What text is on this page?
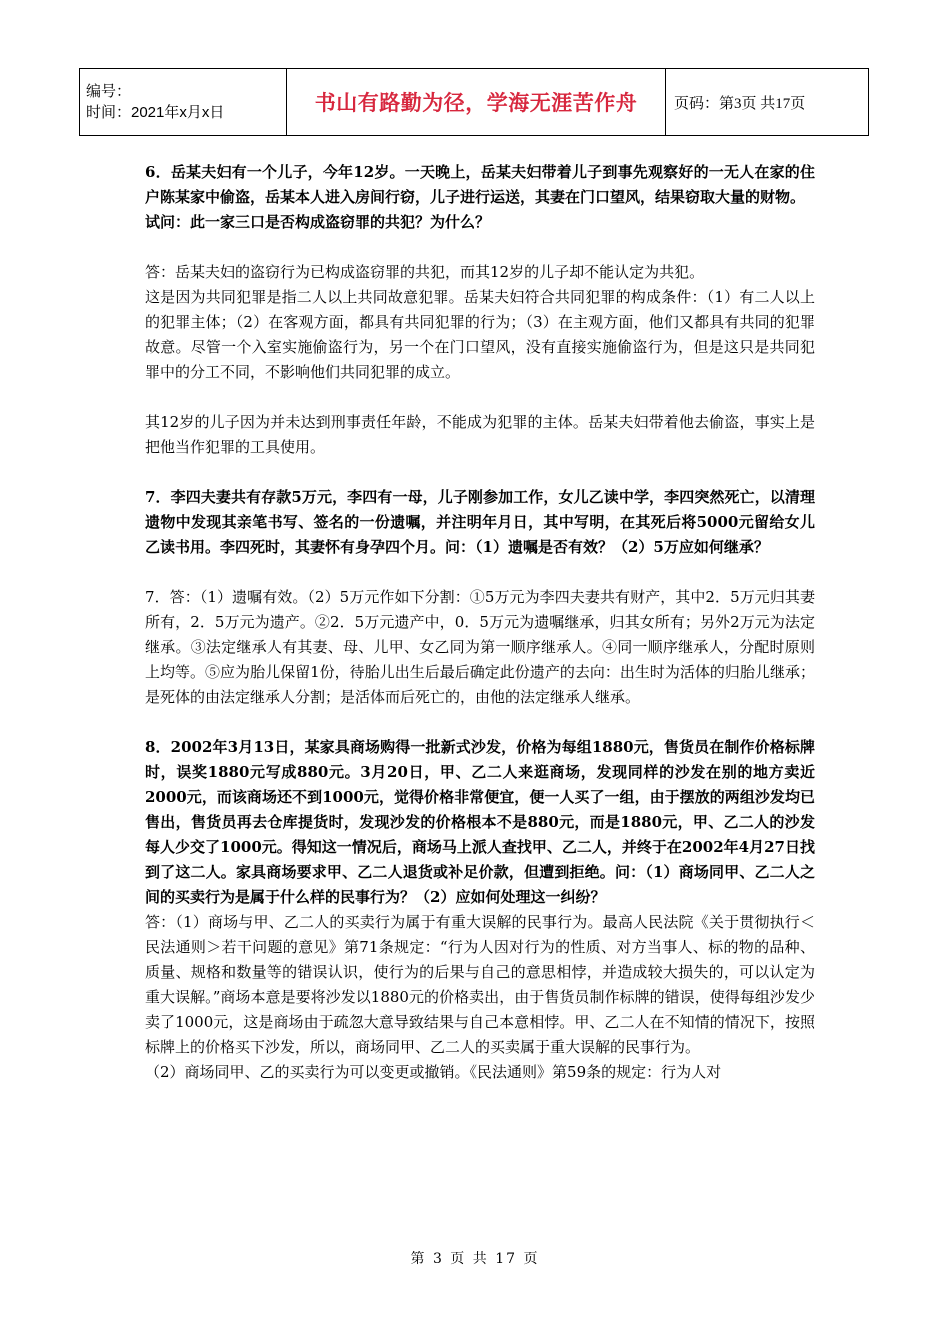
编号：
时间：2021年x月x日	书山有路勤为径，学海无涯苦作舟	页码：第3页 共17页

6．岳某夫妇有一个儿子，今年12岁。一天晚上，岳某夫妇带着儿子到事先观察好的一无人在家的住户陈某家中偷盗，岳某本人进入房间行窃，儿子进行运送，其妻在门口望风，结果窃取大量的财物。

试问：此一家三口是否构成盗窃罪的共犯？为什么？

答：岳某夫妇的盗窃行为已构成盗窃罪的共犯，而其12岁的儿子却不能认定为共犯。

这是因为共同犯罪是指二人以上共同故意犯罪。岳某夫妇符合共同犯罪的构成条件：（1）有二人以上的犯罪主体；（2）在客观方面，都具有共同犯罪的行为；（3）在主观方面，他们又都具有共同的犯罪故意。尽管一个入室实施偷盗行为，另一个在门口望风，没有直接实施偷盗行为，但是这只是共同犯罪中的分工不同，不影响他们共同犯罪的成立。

其12岁的儿子因为并未达到刑事责任年龄，不能成为犯罪的主体。岳某夫妇带着他去偷盗，事实上是把他当作犯罪的工具使用。

7．李四夫妻共有存款5万元，李四有一母，儿子刚参加工作，女儿乙读中学，李四突然死亡，以清理遗物中发现其亲笔书写、签名的一份遗嘱，并注明年月日，其中写明，在其死后将5000元留给女儿乙读书用。李四死时，其妻怀有身孕四个月。问：（1）遗嘱是否有效？（2）5万应如何继承？

7．答：（1）遗嘱有效。（2）5万元作如下分割：①5万元为李四夫妻共有财产，其中2．5万元归其妻所有，2．5万元为遗产。②2．5万元遗产中，0．5万元为遗嘱继承，归其女所有；另外2万元为法定继承。③法定继承人有其妻、母、儿甲、女乙同为第一顺序继承人。④同一顺序继承人，分配时原则上均等。⑤应为胎儿保留1份，待胎儿出生后最后确定此份遗产的去向：出生时为活体的归胎儿继承；是死体的由法定继承人分割；是活体而后死亡的，由他的法定继承人继承。

8．2002年3月13日，某家具商场购得一批新式沙发，价格为每组1880元，售货员在制作价格标牌时，误奖1880元写成880元。3月20日，甲、乙二人来逛商场，发现同样的沙发在别的地方卖近2000元，而该商场还不到1000元，觉得价格非常便宜，便一人买了一组，由于摆放的两组沙发均已售出，售货员再去仓库提货时，发现沙发的价格根本不是880元，而是1880元，甲、乙二人的沙发每人少交了1000元。得知这一情况后，商场马上派人查找甲、乙二人，并终于在2002年4月27日找到了这二人。家具商场要求甲、乙二人退货或补足价款，但遭到拒绝。问：（1）商场同甲、乙二人之间的买卖行为是属于什么样的民事行为？（2）应如何处理这一纠纷？

答：（1）商场与甲、乙二人的买卖行为属于有重大误解的民事行为。最高人民法院《关于贯彻执行＜民法通则＞若干问题的意见》第71条规定：“行为人因对行为的性质、对方当事人、标的物的品种、质量、规格和数量等的错误认识，使行为的后果与自己的意思相悖，并造成较大损失的，可以认定为重大误解。”商场本意是要将沙发以1880元的价格卖出，由于售货员制作标牌的错误，使得每组沙发少卖了1000元，这是商场由于疏忽大意导致结果与自己本意相悖。甲、乙二人在不知情的情况下，按照标牌上的价格买下沙发，所以，商场同甲、乙二人的买卖属于重大误解的民事行为。

（2）商场同甲、乙的买卖行为可以变更或撤销。《民法通则》第59条的规定：行为人对

第 3 页 共 17 页
